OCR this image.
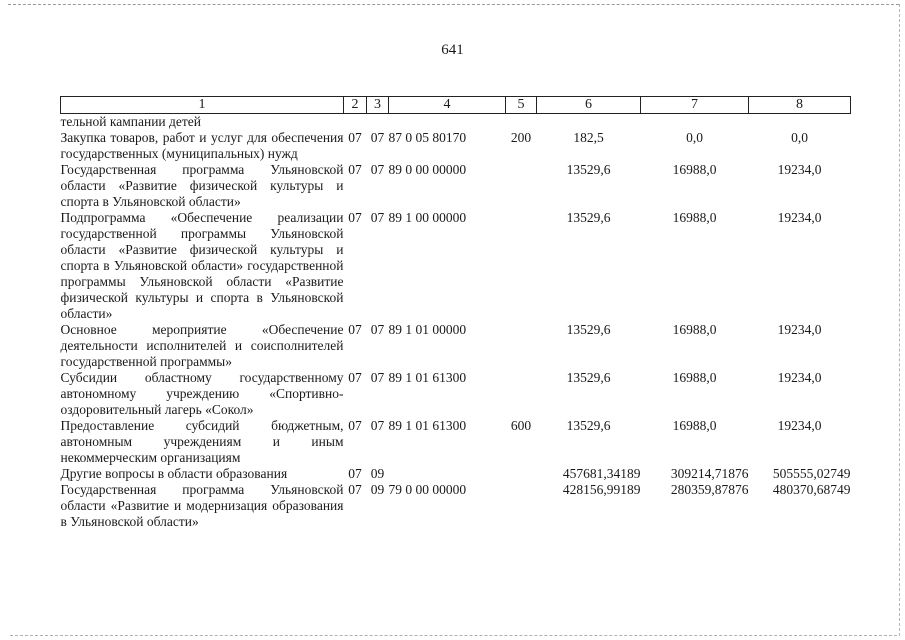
641
1	2	3	4	5	6	7	8
тельной кампании детей							
Закупка товаров, работ и услуг для обеспечения государственных (муниципальных) нужд	07	07	87 0 05 80170	200	182,5	0,0	0,0
Государственная программа Ульяновской области «Развитие физической культуры и спорта в Ульяновской области»	07	07	89 0 00 00000		13529,6	16988,0	19234,0
Подпрограмма «Обеспечение реализации государственной программы Ульяновской области «Развитие физической культуры и спорта в Ульяновской области» государственной программы Ульяновской области «Развитие физической культуры и спорта в Ульяновской области»	07	07	89 1 00 00000		13529,6	16988,0	19234,0
Основное мероприятие «Обеспечение деятельности исполнителей и соисполнителей государственной программы»	07	07	89 1 01 00000		13529,6	16988,0	19234,0
Субсидии областному государственному автономному учреждению «Спортивно-оздоровительный лагерь «Сокол»	07	07	89 1 01 61300		13529,6	16988,0	19234,0
Предоставление субсидий бюджетным, автономным учреждениям и иным некоммерческим организациям	07	07	89 1 01 61300	600	13529,6	16988,0	19234,0
Другие вопросы в области образования	07	09			457681,34189	309214,71876	505555,02749
Государственная программа Ульяновской области «Развитие и модернизация образования в Ульяновской области»	07	09	79 0 00 00000		428156,99189	280359,87876	480370,68749
